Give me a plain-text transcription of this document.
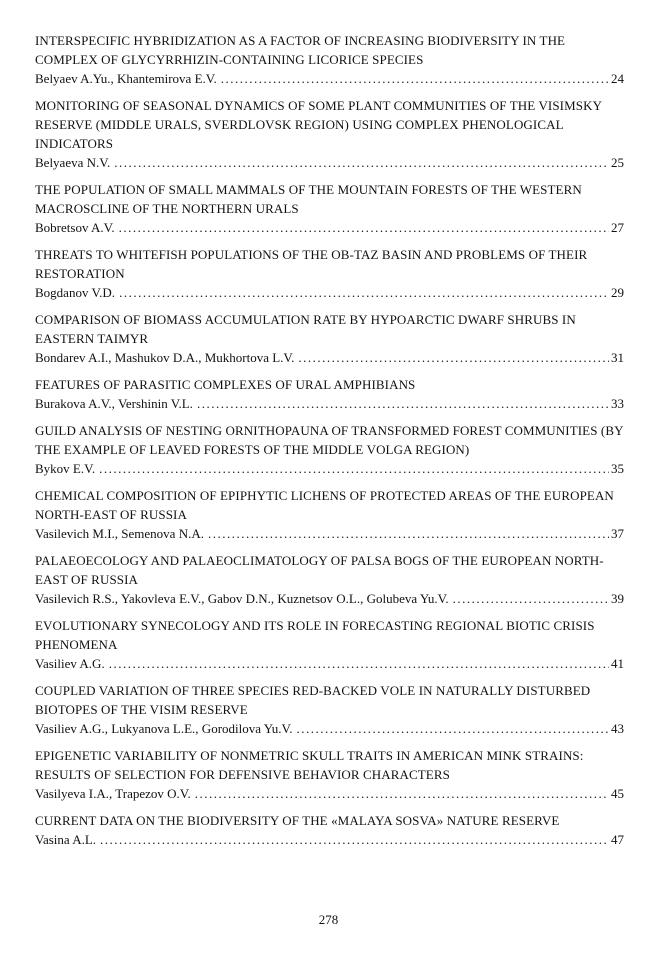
INTERSPECIFIC HYBRIDIZATION AS A FACTOR OF INCREASING BIODIVERSITY IN THE COMPLEX OF GLYCYRRHIZIN-CONTAINING LICORICE SPECIES
Belyaev A.Yu., Khantemirova E.V. .....	24
MONITORING OF SEASONAL DYNAMICS OF SOME PLANT COMMUNITIES OF THE VISIMSKY RESERVE (MIDDLE URALS, SVERDLOVSK REGION) USING COMPLEX PHENOLOGICAL INDICATORS
Belyaeva N.V. .....	25
THE POPULATION OF SMALL MAMMALS OF THE MOUNTAIN FORESTS OF THE WESTERN MACROSCLINE OF THE NORTHERN URALS
Bobretsov A.V. .....	27
THREATS TO WHITEFISH POPULATIONS OF THE OB-TAZ BASIN AND PROBLEMS OF THEIR RESTORATION
Bogdanov V.D. .....	29
COMPARISON OF BIOMASS ACCUMULATION RATE BY HYPOARCTIC DWARF SHRUBS IN EASTERN TAIMYR
Bondarev A.I., Mashukov D.A., Mukhortova L.V. .....	31
FEATURES OF PARASITIC COMPLEXES OF URAL AMPHIBIANS
Burakova A.V., Vershinin V.L. .....	33
GUILD ANALYSIS OF NESTING ORNITHOPAUNA OF TRANSFORMED FOREST COMMUNITIES (BY THE EXAMPLE OF LEAVED FORESTS OF THE MIDDLE VOLGA REGION)
Bykov E.V. .....	35
CHEMICAL COMPOSITION OF EPIPHYTIC LICHENS OF PROTECTED AREAS OF THE EUROPEAN NORTH-EAST OF RUSSIA
Vasilevich M.I., Semenova N.A. .....	37
PALAEOECOLOGY AND PALAEOCLIMATOLOGY OF PALSA BOGS OF THE EUROPEAN NORTH-EAST OF RUSSIA
Vasilevich R.S., Yakovleva E.V., Gabov D.N., Kuznetsov O.L., Golubeva Yu.V. .....	39
EVOLUTIONARY SYNECOLOGY AND ITS ROLE IN FORECASTING REGIONAL BIOTIC CRISIS PHENOMENA
Vasiliev A.G. .....	41
COUPLED VARIATION OF THREE SPECIES RED-BACKED VOLE IN NATURALLY DISTURBED BIOTOPES OF THE VISIM RESERVE
Vasiliev A.G., Lukyanova L.E., Gorodilova Yu.V. .....	43
EPIGENETIC VARIABILITY OF NONMETRIC SKULL TRAITS IN AMERICAN MINK STRAINS: RESULTS OF SELECTION FOR DEFENSIVE BEHAVIOR CHARACTERS
Vasilyeva I.A., Trapezov O.V. .....	45
CURRENT DATA ON THE BIODIVERSITY OF THE «MALAYA SOSVA» NATURE RESERVE
Vasina A.L. .....	47
278
